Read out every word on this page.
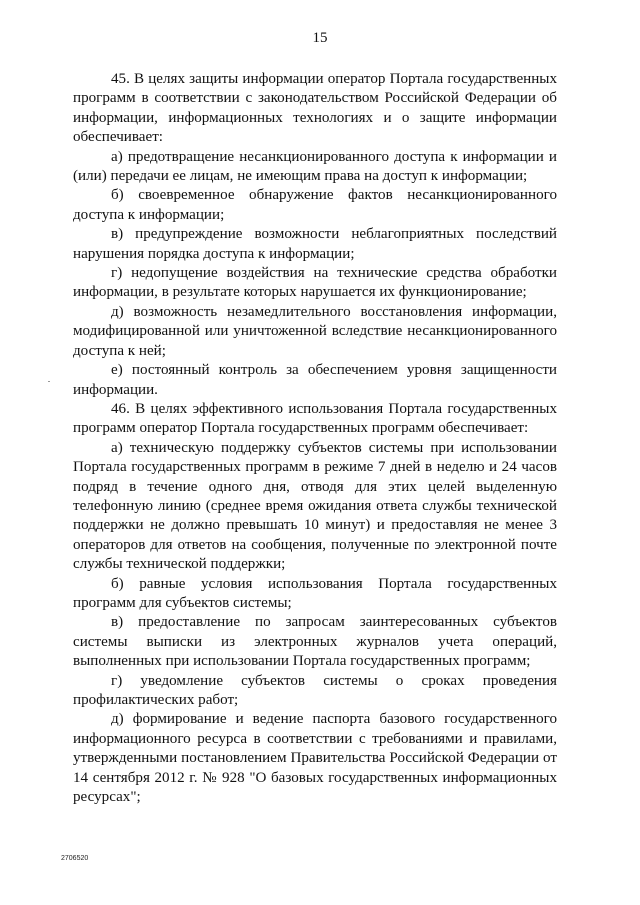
15

45. В целях защиты информации оператор Портала государственных программ в соответствии с законодательством Российской Федерации об информации, информационных технологиях и о защите информации обеспечивает:

а) предотвращение несанкционированного доступа к информации и (или) передачи ее лицам, не имеющим права на доступ к информации;

б) своевременное обнаружение фактов несанкционированного доступа к информации;

в) предупреждение возможности неблагоприятных последствий нарушения порядка доступа к информации;

г) недопущение воздействия на технические средства обработки информации, в результате которых нарушается их функционирование;

д) возможность незамедлительного восстановления информации, модифицированной или уничтоженной вследствие несанкционированного доступа к ней;

е) постоянный контроль за обеспечением уровня защищенности информации.

46. В целях эффективного использования Портала государственных программ оператор Портала государственных программ обеспечивает:

а) техническую поддержку субъектов системы при использовании Портала государственных программ в режиме 7 дней в неделю и 24 часов подряд в течение одного дня, отводя для этих целей выделенную телефонную линию (среднее время ожидания ответа службы технической поддержки не должно превышать 10 минут) и предоставляя не менее 3 операторов для ответов на сообщения, полученные по электронной почте службы технической поддержки;

б) равные условия использования Портала государственных программ для субъектов системы;

в) предоставление по запросам заинтересованных субъектов системы выписки из электронных журналов учета операций, выполненных при использовании Портала государственных программ;

г) уведомление субъектов системы о сроках проведения профилактических работ;

д) формирование и ведение паспорта базового государственного информационного ресурса в соответствии с требованиями и правилами, утвержденными постановлением Правительства Российской Федерации от 14 сентября 2012 г. № 928 "О базовых государственных информационных ресурсах";

2706520
